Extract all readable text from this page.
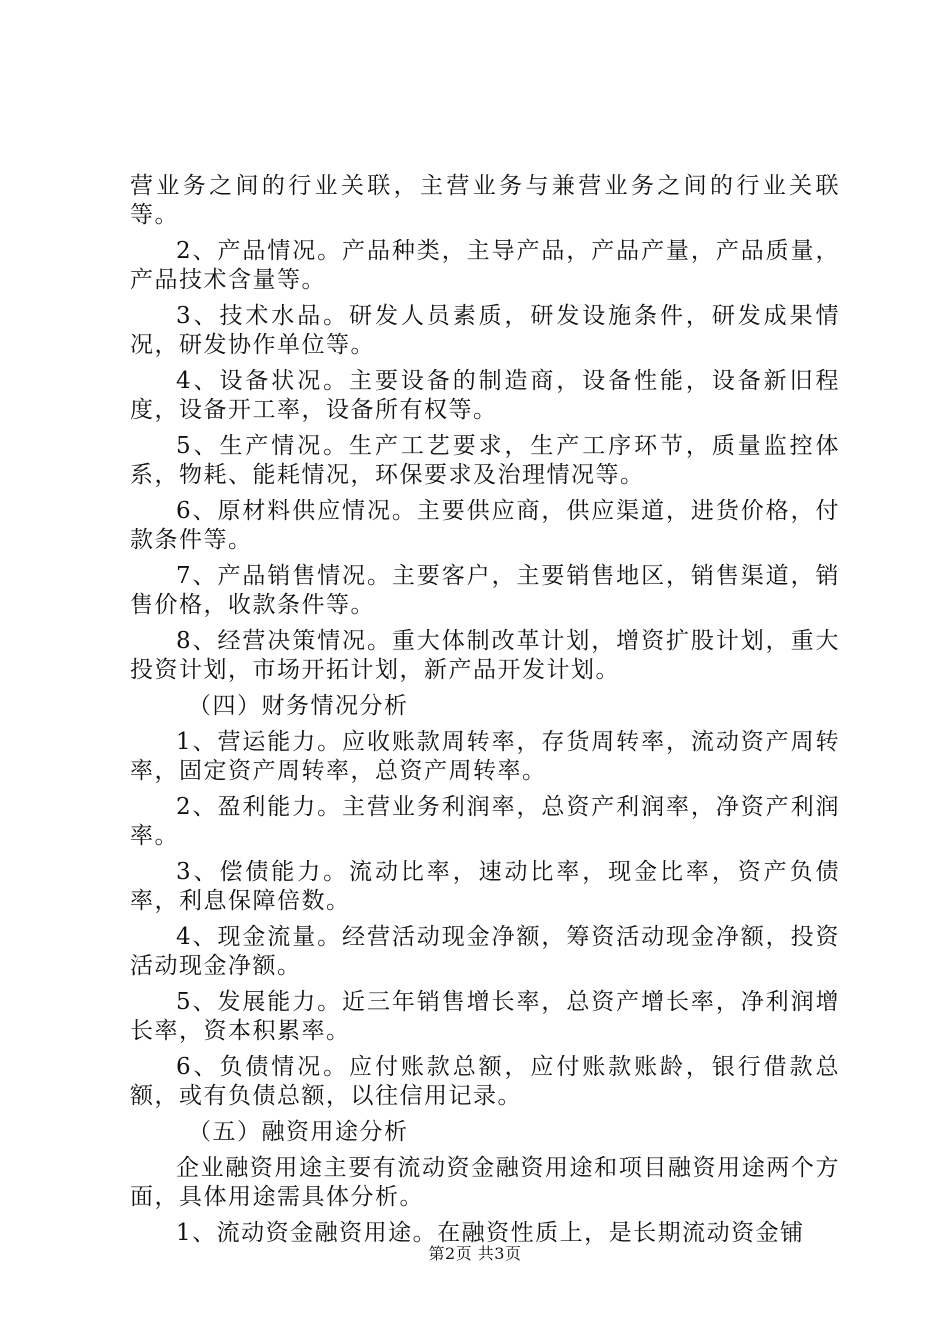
营业务之间的行业关联，主营业务与兼营业务之间的行业关联等。

2、产品情况。产品种类，主导产品，产品产量，产品质量，产品技术含量等。

3、技术水品。研发人员素质，研发设施条件，研发成果情况，研发协作单位等。

4、设备状况。主要设备的制造商，设备性能，设备新旧程度，设备开工率，设备所有权等。

5、生产情况。生产工艺要求，生产工序环节，质量监控体系，物耗、能耗情况，环保要求及治理情况等。

6、原材料供应情况。主要供应商，供应渠道，进货价格，付款条件等。

7、产品销售情况。主要客户，主要销售地区，销售渠道，销售价格，收款条件等。

8、经营决策情况。重大体制改革计划，增资扩股计划，重大投资计划，市场开拓计划，新产品开发计划。

（四）财务情况分析

1、营运能力。应收账款周转率，存货周转率，流动资产周转率，固定资产周转率，总资产周转率。

2、盈利能力。主营业务利润率，总资产利润率，净资产利润率。

3、偿债能力。流动比率，速动比率，现金比率，资产负债率，利息保障倍数。

4、现金流量。经营活动现金净额，筹资活动现金净额，投资活动现金净额。

5、发展能力。近三年销售增长率，总资产增长率，净利润增长率，资本积累率。

6、负债情况。应付账款总额，应付账款账龄，银行借款总额，或有负债总额，以往信用记录。

（五）融资用途分析

企业融资用途主要有流动资金融资用途和项目融资用途两个方面，具体用途需具体分析。

1、流动资金融资用途。在融资性质上，是长期流动资金铺

第2页 共3页
